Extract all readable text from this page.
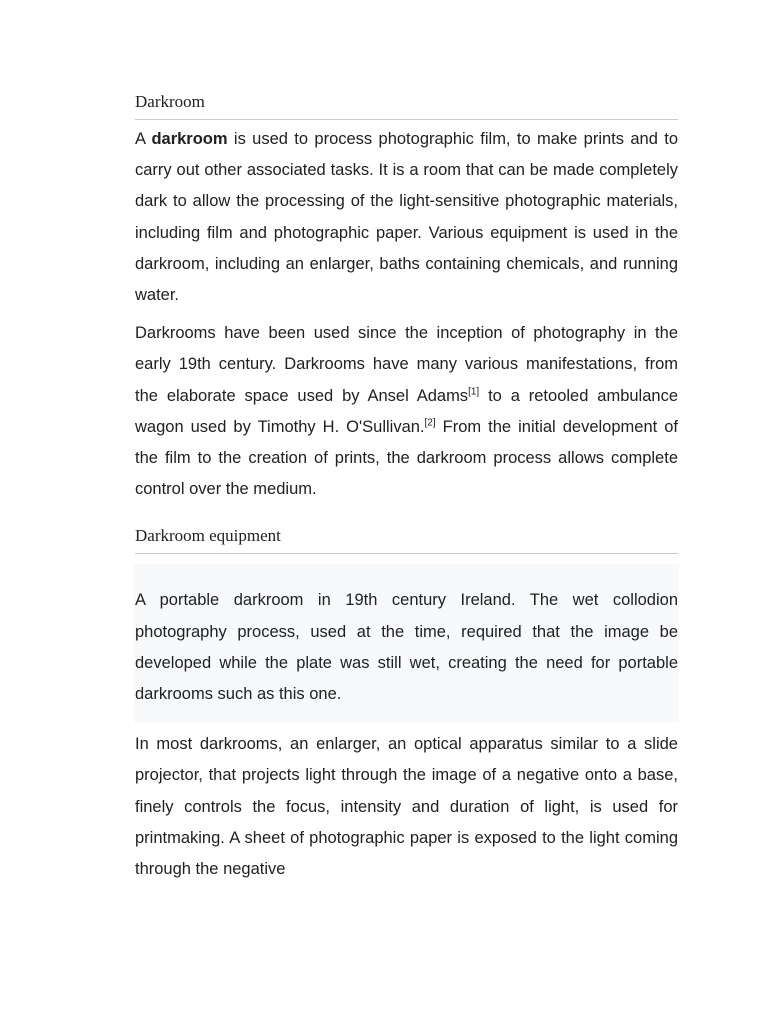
Darkroom

A darkroom is used to process photographic film, to make prints and to carry out other associated tasks. It is a room that can be made completely dark to allow the processing of the light-sensitive photographic materials, including film and photographic paper. Various equipment is used in the darkroom, including an enlarger, baths containing chemicals, and running water.

Darkrooms have been used since the inception of photography in the early 19th century. Darkrooms have many various manifestations, from the elaborate space used by Ansel Adams[1] to a retooled ambulance wagon used by Timothy H. O'Sullivan.[2] From the initial development of the film to the creation of prints, the darkroom process allows complete control over the medium.

Darkroom equipment

A portable darkroom in 19th century Ireland. The wet collodion photography process, used at the time, required that the image be developed while the plate was still wet, creating the need for portable darkrooms such as this one.

In most darkrooms, an enlarger, an optical apparatus similar to a slide projector, that projects light through the image of a negative onto a base, finely controls the focus, intensity and duration of light, is used for printmaking. A sheet of photographic paper is exposed to the light coming through the negative
